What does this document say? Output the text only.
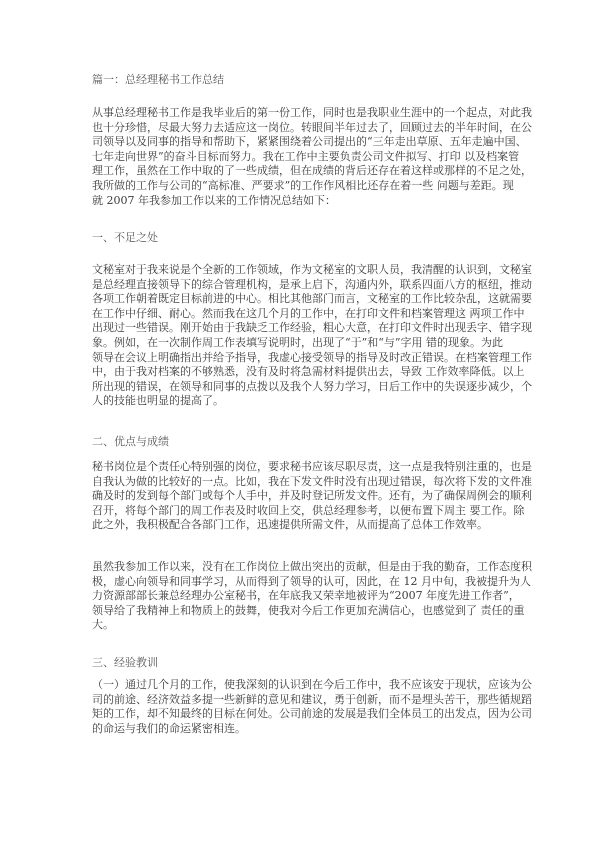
篇一：总经理秘书工作总结
从事总经理秘书工作是我毕业后的第一份工作，同时也是我职业生涯中的一个起点，对此我
也十分珍惜，尽最大努力去适应这一岗位。转眼间半年过去了，回顾过去的半年时间，在公
司领导以及同事的指导和帮助下，紧紧围绕着公司提出的“三年走出草原、五年走遍中国、
七年走向世界”的奋斗目标而努力。我在工作中主要负责公司文件拟写、打印 以及档案管
理工作，虽然在工作中取的了一些成绩，但在成绩的背后还存在着这样或那样的不足之处，
我所做的工作与公司的“高标准、严要求”的工作作风相比还存在着一些 问题与差距。现
就 2007 年我参加工作以来的工作情况总结如下：
一、不足之处
文秘室对于我来说是个全新的工作领域，作为文秘室的文职人员，我清醒的认识到，文秘室
是总经理直接领导下的综合管理机构，是承上启下，沟通内外，联系四面八方的枢纽，推动
各项工作朝着既定目标前进的中心。相比其他部门而言，文秘室的工作比较杂乱，这就需要
在工作中仔细、耐心。然而我在这几个月的工作中，在打印文件和档案管理这 两项工作中
出现过一些错误。刚开始由于我缺乏工作经验，粗心大意，在打印文件时出现丢字、错字现
象。例如，在一次制作周工作表填写说明时，出现了“于”和“与”字用 错的现象。为此
领导在会议上明确指出并给予指导，我虚心接受领导的指导及时改正错误。在档案管理工作
中，由于我对档案的不够熟悉，没有及时将急需材料提供出去，导致 工作效率降低。以上
所出现的错误，在领导和同事的点拨以及我个人努力学习，日后工作中的失误逐步减少，个
人的技能也明显的提高了。
二、优点与成绩
秘书岗位是个责任心特别强的岗位，要求秘书应该尽职尽责，这一点是我特别注重的，也是
自我认为做的比较好的一点。比如，我在下发文件时没有出现过错误，每次将下发的文件准
确及时的发到每个部门或每个人手中，并及时登记所发文件。还有，为了确保周例会的顺利
召开，将每个部门的周工作表及时收回上交，供总经理参考，以便布置下周主 要工作。除
此之外，我积极配合各部门工作，迅速提供所需文件，从而提高了总体工作效率。
虽然我参加工作以来，没有在工作岗位上做出突出的贡献，但是由于我的勤奋，工作态度积
极，虚心向领导和同事学习，从而得到了领导的认可，因此，在 12 月中旬，我被提升为人
力资源部部长兼总经理办公室秘书，在年底我又荣幸地被评为“2007 年度先进工作者”，
领导给了我精神上和物质上的鼓舞，使我对今后工作更加充满信心，也感觉到了 责任的重
大。
三、经验教训
（一）通过几个月的工作，使我深刻的认识到在今后工作中，我不应该安于现状，应该为公
司的前途、经济效益多提一些新鲜的意见和建议，勇于创新，而不是埋头苦干，那些循规蹈
矩的工作，却不知最终的目标在何处。公司前途的发展是我们全体员工的出发点，因为公司
的命运与我们的命运紧密相连。
